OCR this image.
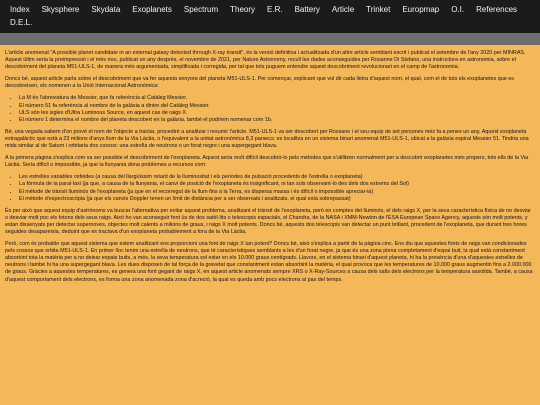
Index	Skysphere	Skydata	Exoplanets	Spectrum	Theory	E.R.	Battery	Article	Trinket	Europmap	O.I.	References
D.E.L.

L'article anomenat "A possible planet candidate in an external galaxy detected through X-ray transit", és la versió definitiva i actualitzada d'un altre article semblant escrit i publicat el setembre de l'any 2020 per MINRAS. Aquest últim seria la preimpressió i el més nou, publicat un any després, el novembre de 2021, per Nature Astronomy, recull les dades aconseguides per Rosanne Di Stefano, una instructora en astronomia, sobre el descobriment del planeta M51-ULS-1, de manera més argumentada, simplificada i corregida, per tal que tots puguem entendre aquest descobriment revolucionari en el camp de l'astronomia.

Doncs bé, aquest article parla sobre el descobriment que va fer aquesta senyora del planeta M51-ULS-1. Per començar, explicaré que vol dir cada lletra d'aquest nom, el qual, com el de tots els exoplanetes que es descobreixen, els nomenen a la Unió Internacional Astronòmica:

• La M és l'abreviatura de Messier, que fa referència al Catàleg Messier.
• El número 51 fa referència al nombre de la galàxia a dintre del Catàleg Messier.
• ULS són les sigles d'Ultra Luminous Source, en aquest cas de raigs X.
• El número 1 determina el nombre del planeta descobert en la galàxia, també el podríem nomenar com 1b.

Bé, una vegada sabem d'on prové el nom de l'objecte a tractar, procediré a analitzar i resumir l'article. M51-ULS-1 va ser descobert per Rossane i el seu equip de set persones més fa a penes un any. Aquest exoplaneta extragalàctic que està a 23 milions d'anys llum de la Via Làctia, o l'equivalent a la unitat astronòmica 8,3 parsecs: es localitza en un sistema binari anomenat M51-ULS-1, ubicat a la galàxia espiral Messier 51. Tindria una mida similar al de Saturn i orbitaria dos cossos: una estrella de neutrons o un forat negre i una supergegant blava.

A la primera pàgina s'explica com va ser possible el descobriment de l'exoplaneta. Aquest seria molt difícil descobrir-lo pels mètodes que s'utilitzen normalment per a descobrir exoplanetes més propers, tots ells de la Via Làctia. Seria difícil o impossible, ja que la llunyania dona problemes a recursos com:

• Les estrelles variables cefeides (a causa del llargüíssim retard de la lluminositat i els períodes de pulsació procedents de l'estrella o exoplaneta)
• La fórmula de la paral·laxi (ja que, a causa de la llunyania, el canvi de posició de l'exoplaneta és insignificant, ni tan sols observant-lo des dels dos extrems del Sol)
• El mètode de trànsit lluminós de l'exoplaneta (ja que en el recorregut de la llum fins a la Terra, es dispersa massa i és difícil o impossible apreciar-la)
• El mètode d'espectroscòpia (ja que els canvis Doppler tenen un límit de distància per a ser observats i analitzats, el qual està sobrepassat)

És per això que aquest equip d'astrònoms va buscar l'alternativa per evitar aquest problema, analitzant el trànsit de l'exoplaneta, però en comptes del lluminós, el dels raigs X, per la seva característica física de no desviar o desviar molt poc els fotons dels seus raigs. Això ho van aconseguir fent ús de dos satèl·lits o telescopis espacials, el Chandra, de la NASA i XMM-Newton de l'ESA European Space Agency, aquests són molt potents, y estan dissenyats per detectar supernoves, objectes molt calents a milions de graus, i raigs X molt potents. Doncs bé, aquests dos telescopis van detectar un punt brillant, procedent de l'exoplaneta, que durant tres hores seguides desapareixia, deduint que es tractava d'un exoplaneta probablement a fora de la Via Làctia.

Però, com és probable que aquest sistema que estem analitzant ens proporcioni una font de raigs X tan potent? Doncs bé, això s'explica a partir de la pàgina cinc. Ens diu que aquestes fonts de raigs van condicionades pels cossos que orbita M51-ULS-1. En primer lloc tenim una estrella de neutrons, que té característiques semblants a les d'un forat negre, ja que és una zona plena completament d'espai buit, la qual està constantment absorbint tota la matèria per a no deixar espais buits, a més, la seva temperatura sol estar en els 10.000 graus centígrads. Llavors, en el sistema binari d'aquest planeta, hi ha la presència d'una d'aquestes estrelles de neutrons i també hi ha una supergegant blava. Les dues disposen de tal força de la gravetat que constantment estan absorbint la matèria, el qual provoca que les temperatures de 10.000 graus augmentin fins a 2.000.000 de graus. Gràcies a aquestes temperatures, es genera una font gegant de raigs X, en aquest article anomenats sempre XRS o X-Ray-Sources a causa dels salts dels electrons per la temperatura assolida. També, a causa d'aquest comportament dels electrons, es forma una zona anomenada zona d'acreció, la qual es queda amb pocs electrons al pas del temps.
